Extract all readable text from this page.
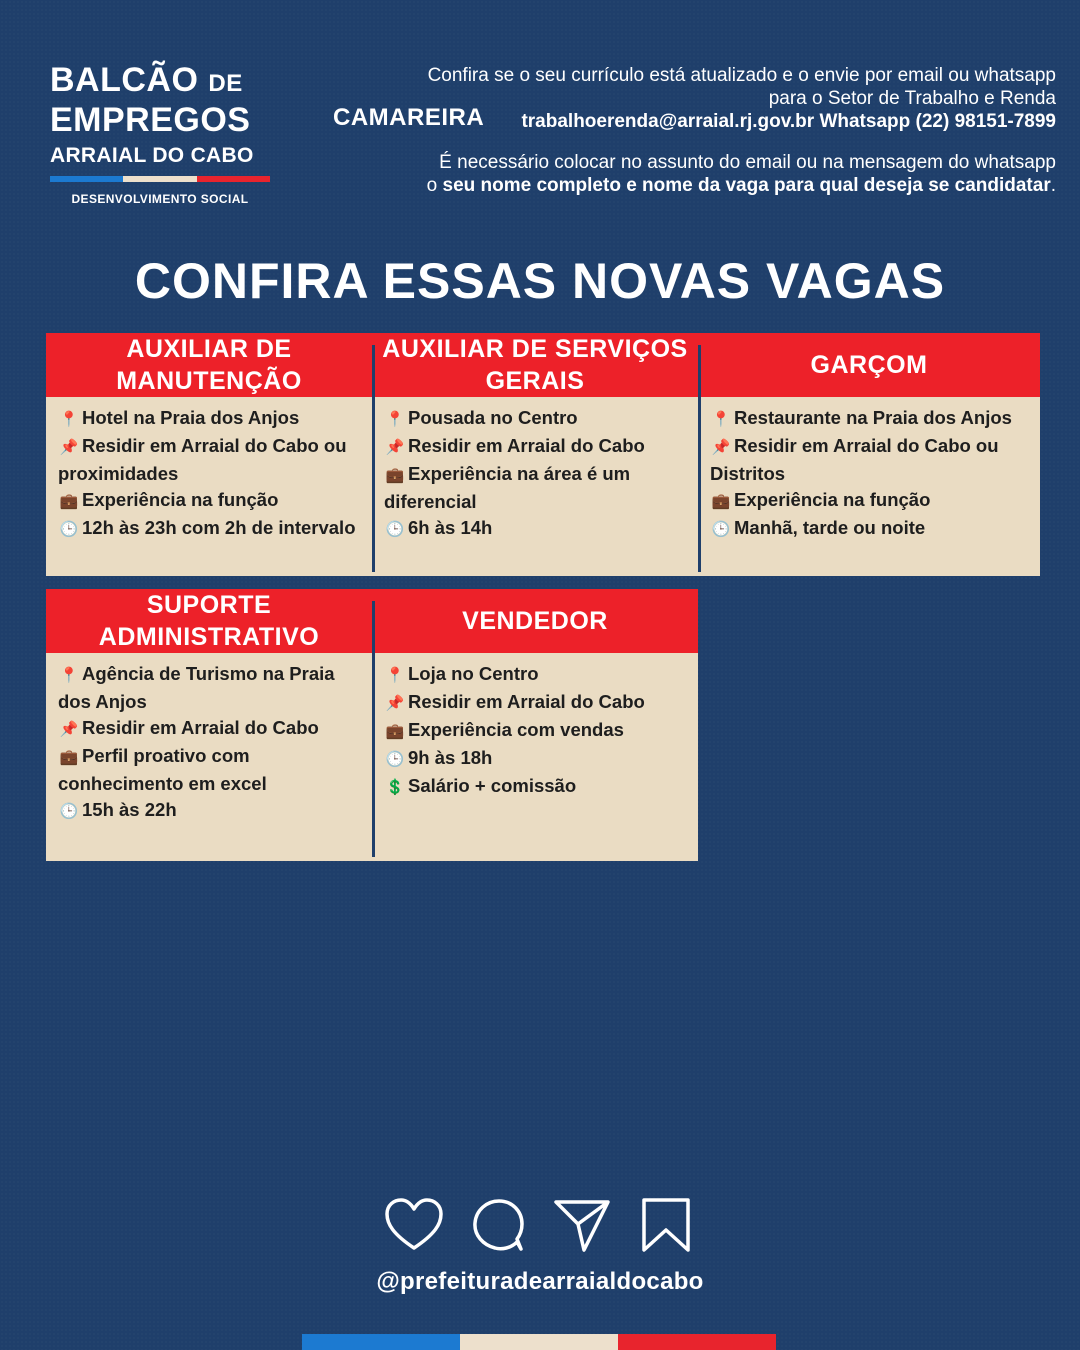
BALCÃO DE
EMPREGOS
ARRAIAL DO CABO
DESENVOLVIMENTO SOCIAL
Confira se o seu currículo está atualizado e o envie por email ou whatsapp
para o Setor de Trabalho e Renda
trabalhoerenda@arraial.rj.gov.br Whatsapp (22) 98151-7899
É necessário colocar no assunto do email ou na mensagem do whatsapp
o seu nome completo e nome da vaga para qual deseja se candidatar.
CAMAREIRA
CONFIRA ESSAS NOVAS VAGAS
AUXILIAR DE MANUTENÇÃO
📍 Hotel na Praia dos Anjos
📌 Residir em Arraial do Cabo ou proximidades
💼 Experiência na função
🕒 12h às 23h com 2h de intervalo
AUXILIAR DE SERVIÇOS GERAIS
📍 Pousada no Centro
📌 Residir em Arraial do Cabo
💼 Experiência na área é um diferencial
🕒 6h às 14h
GARÇOM
📍 Restaurante na Praia dos Anjos
📌 Residir em Arraial do Cabo ou Distritos
💼 Experiência na função
🕒 Manhã, tarde ou noite
SUPORTE ADMINISTRATIVO
📍 Agência de Turismo na Praia dos Anjos
📌 Residir em Arraial do Cabo
💼 Perfil proativo com conhecimento em excel
🕒 15h às 22h
VENDEDOR
📍 Loja no Centro
📌 Residir em Arraial do Cabo
💼 Experiência com vendas
🕒 9h às 18h
💲 Salário + comissão
@prefeituradearraialdocabo
